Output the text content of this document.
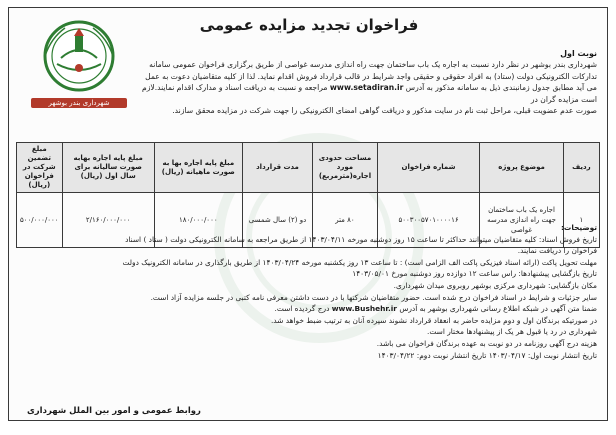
فراخوان تجدید مزایده عمومی
شهرداری بندر بوشهر
نوبت اول
شهرداری بندر بوشهر در نظر دارد نسبت به اجاره یک باب ساختمان جهت راه اندازی مدرسه غواصی از طریق برگزاری فراخوان عمومی سامانه
تدارکات الکترونیکی دولت (ستاد) به افراد حقوقی و حقیقی واجد شرایط در قالب قرارداد فروش اقدام نماید. لذا از کلیه متقاضیان دعوت به عمل
می آید مطابق جدول زمانبندی ذیل به سامانه مذکور به آدرس www.setadiran.ir مراجعه و نسبت به دریافت اسناد و مدارک اقدام نمایند.لازم است مزایده گران در
صورت عدم عضویت قبلی، مراحل ثبت نام در سایت مذکور و دریافت گواهی امضای الکترونیکی را جهت شرکت در مزایده محقق سازند.
ردیف	موضوع پروژه	شماره فراخوان	مساحت حدودی مورد اجاره(مترمربع)	مدت قرارداد	مبلغ پایه اجاره بها به صورت ماهیانه (ریال)	مبلغ پایه اجاره بهابه صورت سالیانه برای سال اول (ریال)	مبلغ تضمین شرکت در فراخوان (ریال)
۱	اجاره یک باب ساختمان جهت راه اندازی مدرسه غواصی	۵۰۰۳۰۰۵۷۰۱۰۰۰۰۱۶	۸۰ متر	دو (۲) سال شمسی	۱۸۰/۰۰۰/۰۰۰	۲/۱۶۰/۰۰۰/۰۰۰	۵۰۰/۰۰۰/۰۰۰
توضیحات:
تاریخ فروش اسناد: کلیه متقاضیان میتوانند حداکثر تا ساعت ۱۵ روز دوشنبه مورخه ۱۴۰۳/۰۴/۱۱ از طریق مراجعه به سامانه الکترونیکی دولت ( ستاد ) اسناد
فراخوان را دریافت نمایند.
مهلت تحویل پاکت (ارائه اسناد فیزیکی پاکت الف الزامی است) : تا ساعت ۱۳ روز یکشنبه مورخه ۱۴۰۳/۰۴/۲۴ از طریق بارگذاری در سامانه الکترونیک دولت
تاریخ بازگشایی پیشنهادها: راس ساعت ۱۲ دوازده روز دوشنبه مورخ ۱۴۰۳/۰۵/۰۱
مکان بازگشایی: شهرداری مرکزی بوشهر روبروی میدان شهرداری.
سایر جزئیات و شرایط در اسناد فراخوان درج شده است. حضور متقاضیان شرکتها با در دست داشتن معرفی نامه کتبی در جلسه مزایده آزاد است.
ضمنا متن آگهی در شبکه اطلاع رسانی شهرداری بوشهر به آدرس www.Bushehr.ir درج گردیده است.
در صورتیکه برندگان اول و دوم مزایده حاضر به انعقاد قرارداد نشوند سپرده آنان به ترتیب ضبط خواهد شد.
شهرداری در رد یا قبول هر یک از پیشنهادها مختار است.
هزینه درج آگهی روزنامه در دو نوبت به عهده برندگان فراخوان می باشد.
تاریخ انتشار نوبت اول: ۱۴۰۳/۰۴/۱۷ تاریخ انتشار نوبت دوم: ۱۴۰۳/۰۴/۲۲
روابط عمومی و امور بین الملل شهرداری
